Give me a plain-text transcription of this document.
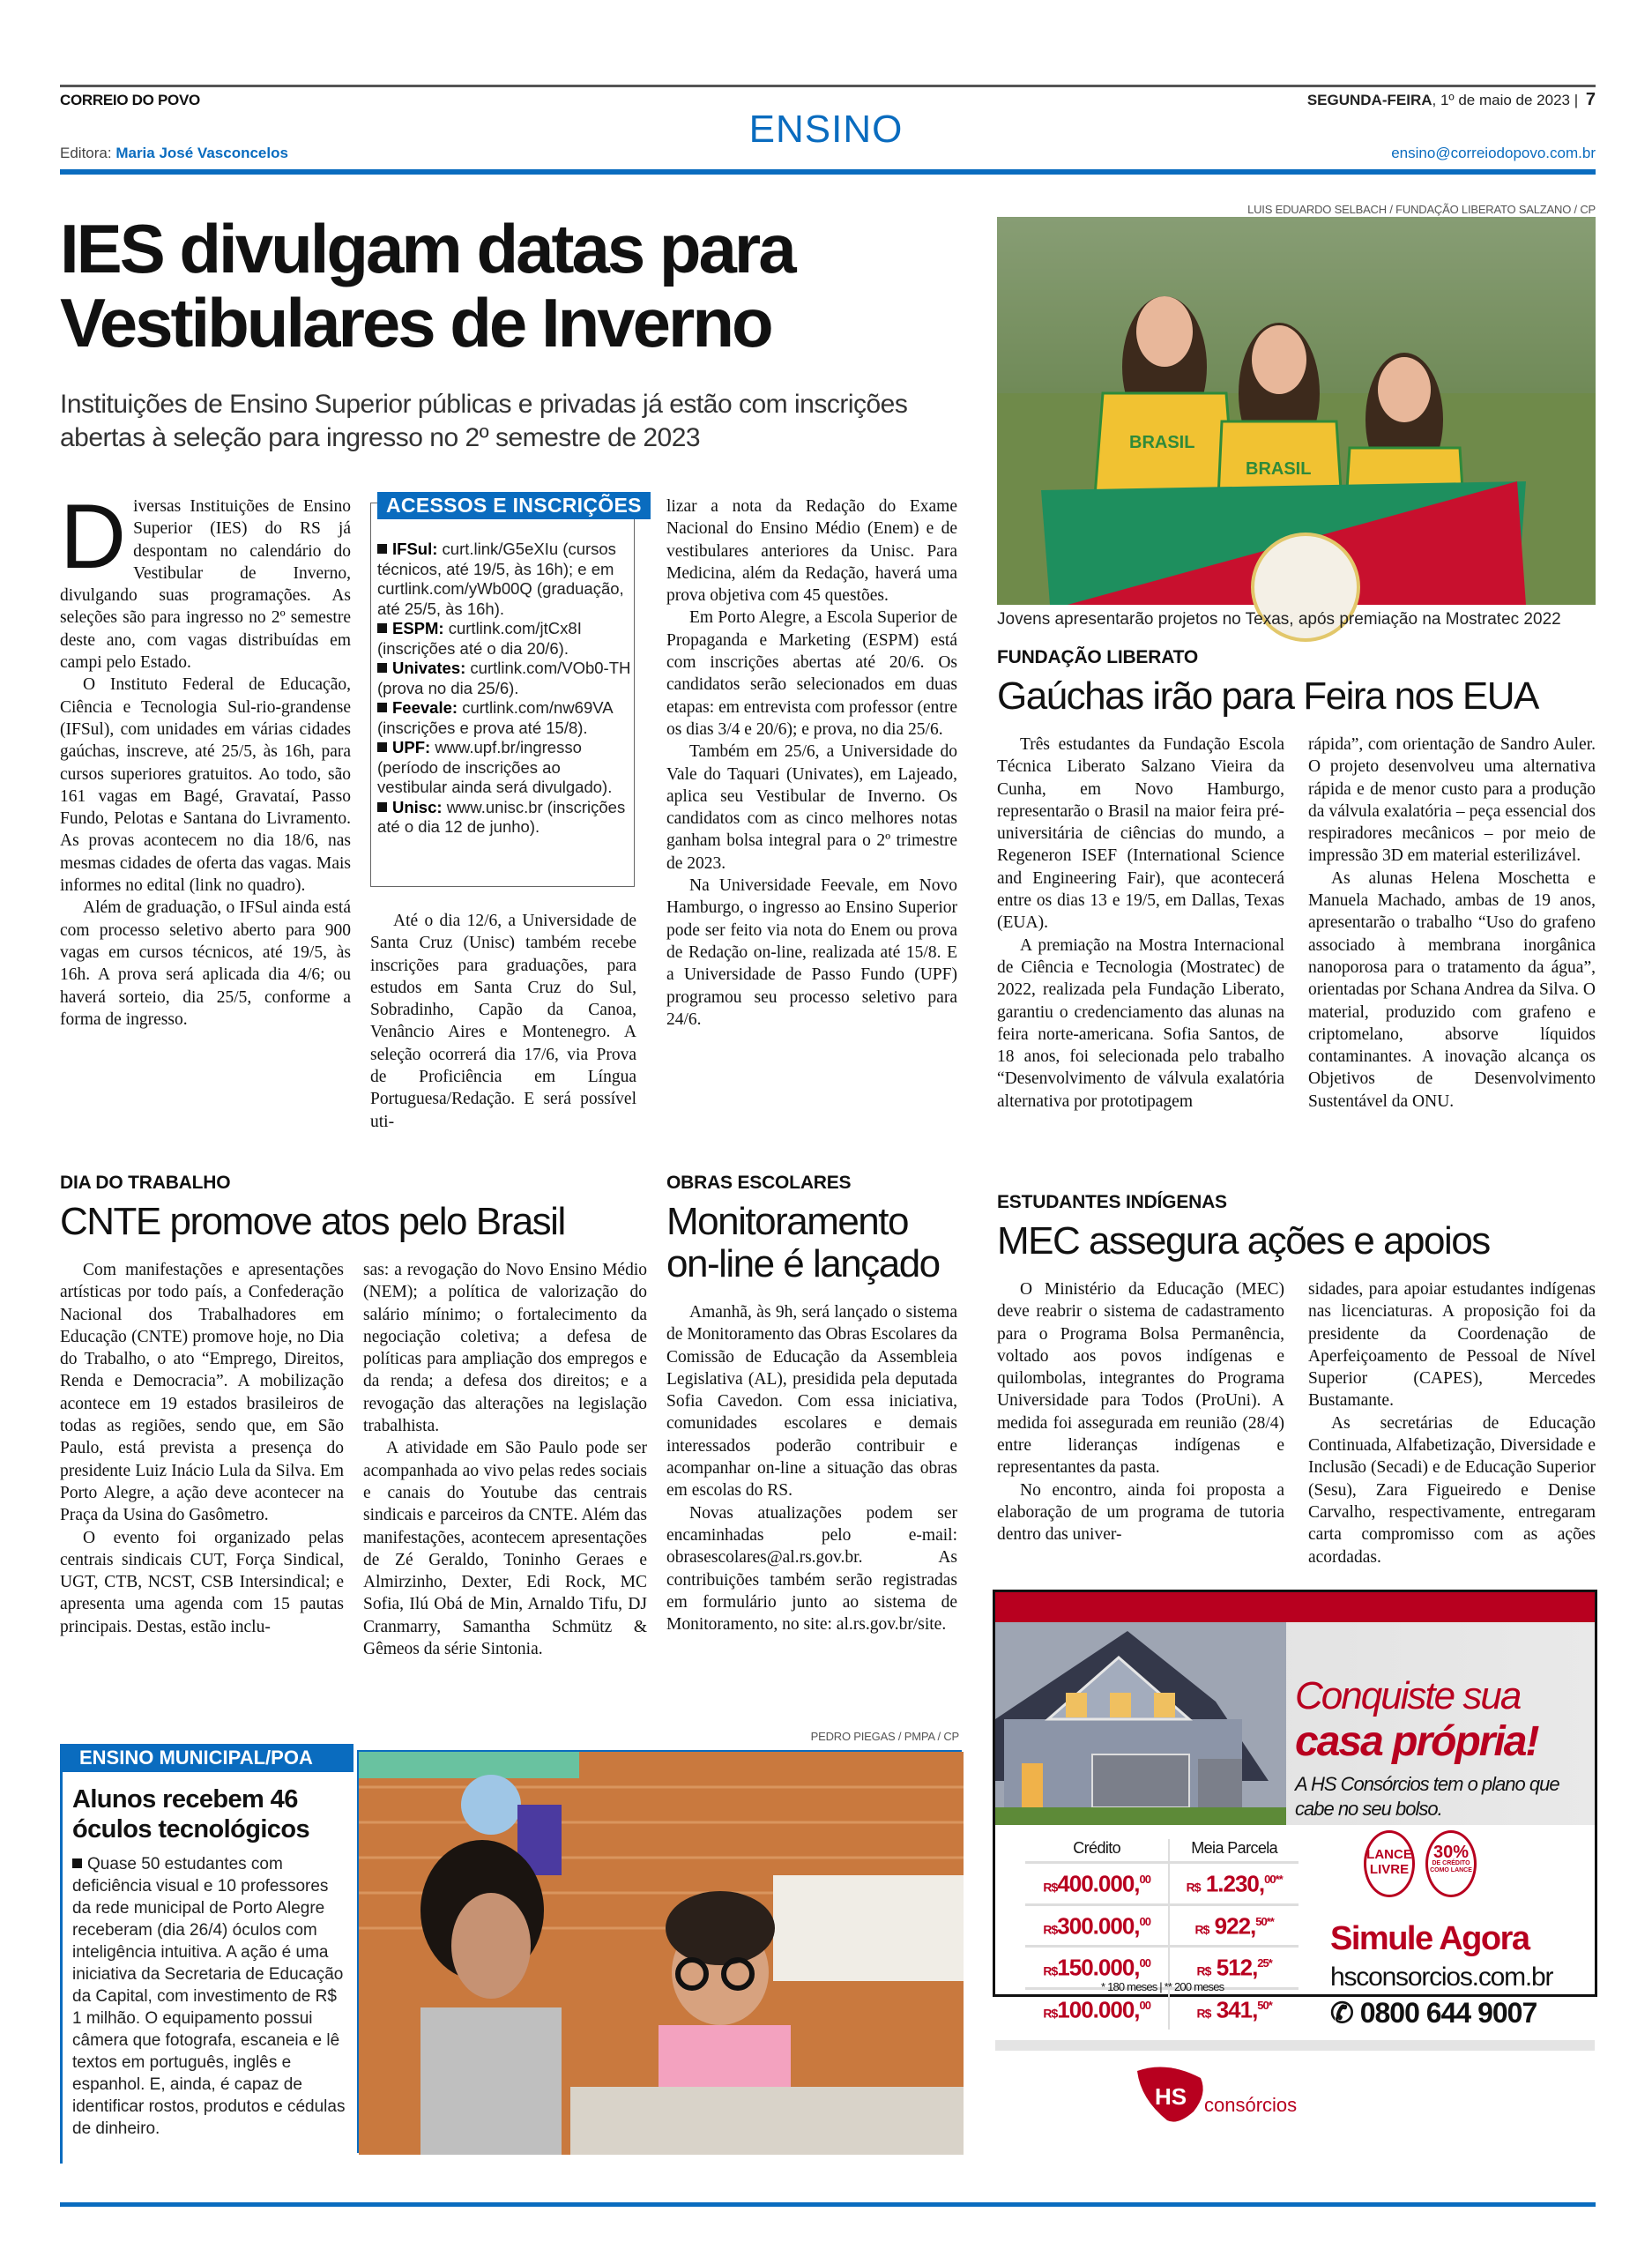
CORREIO DO POVO	SEGUNDA-FEIRA, 1º de maio de 2023 | 7
ENSINO
Editora: Maria José Vasconcelos	ensino@correiodopovo.com.br
IES divulgam datas para
Vestibulares de Inverno
Instituições de Ensino Superior públicas e privadas já estão com inscrições abertas à seleção para ingresso no 2º semestre de 2023

Diversas Instituições de Ensino Superior (IES) do RS já despontam no calendário do Vestibular de Inverno, divulgando suas programações. As seleções são para ingresso no 2º semestre deste ano, com vagas distribuídas em campi pelo Estado.

O Instituto Federal de Educação, Ciência e Tecnologia Sul-rio-grandense (IFSul), com unidades em várias cidades gaúchas, inscreve, até 25/5, às 16h, para cursos superiores gratuitos. Ao todo, são 161 vagas em Bagé, Gravataí, Passo Fundo, Pelotas e Santana do Livramento. As provas acontecem no dia 18/6, nas mesmas cidades de oferta das vagas. Mais informes no edital (link no quadro).

Além de graduação, o IFSul ainda está com processo seletivo aberto para 900 vagas em cursos técnicos, até 19/5, às 16h. A prova será aplicada dia 4/6; ou haverá sorteio, dia 25/5, conforme a forma de ingresso.

ACESSOS E INSCRIÇÕES
IFSul: curt.link/G5eXIu (cursos técnicos, até 19/5, às 16h); e em curtlink.com/yWb00Q (graduação, até 25/5, às 16h).
ESPM: curtlink.com/jtCx8I (inscrições até o dia 20/6).
Univates: curtlink.com/VOb0-TH (prova no dia 25/6).
Feevale: curtlink.com/nw69VA (inscrições e prova até 15/8).
UPF: www.upf.br/ingresso (período de inscrições ao vestibular ainda será divulgado).
Unisc: www.unisc.br (inscrições até o dia 12 de junho).

Até o dia 12/6, a Universidade de Santa Cruz (Unisc) também recebe inscrições para graduações, para estudos em Santa Cruz do Sul, Sobradinho, Capão da Canoa, Venâncio Aires e Montenegro. A seleção ocorrerá dia 17/6, via Prova de Proficiência em Língua Portuguesa/Redação. E será possível uti-

lizar a nota da Redação do Exame Nacional do Ensino Médio (Enem) e de vestibulares anteriores da Unisc. Para Medicina, além da Redação, haverá uma prova objetiva com 45 questões.

Em Porto Alegre, a Escola Superior de Propaganda e Marketing (ESPM) está com inscrições abertas até 20/6. Os candidatos serão selecionados em duas etapas: em entrevista com professor (entre os dias 3/4 e 20/6); e prova, no dia 25/6.

Também em 25/6, a Universidade do Vale do Taquari (Univates), em Lajeado, aplica seu Vestibular de Inverno. Os candidatos com as cinco melhores notas ganham bolsa integral para o 2º trimestre de 2023.

Na Universidade Feevale, em Novo Hamburgo, o ingresso ao Ensino Superior pode ser feito via nota do Enem ou prova de Redação on-line, realizada até 15/8. E a Universidade de Passo Fundo (UPF) programou seu processo seletivo para 24/6.

LUIS EDUARDO SELBACH / FUNDAÇÃO LIBERATO SALZANO / CP
BRASIL
BRASIL
Jovens apresentarão projetos no Texas, após premiação na Mostratec 2022
FUNDAÇÃO LIBERATO
Gaúchas irão para Feira nos EUA

Três estudantes da Fundação Escola Técnica Liberato Salzano Vieira da Cunha, em Novo Hamburgo, representarão o Brasil na maior feira pré-universitária de ciências do mundo, a Regeneron ISEF (International Science and Engineering Fair), que acontecerá entre os dias 13 e 19/5, em Dallas, Texas (EUA).

A premiação na Mostra Internacional de Ciência e Tecnologia (Mostratec) de 2022, realizada pela Fundação Liberato, garantiu o credenciamento das alunas na feira norte-americana. Sofia Santos, de 18 anos, foi selecionada pelo trabalho “Desenvolvimento de válvula exalatória alternativa por prototipagem

rápida”, com orientação de Sandro Auler. O projeto desenvolveu uma alternativa rápida e de menor custo para a produção da válvula exalatória – peça essencial dos respiradores mecânicos – por meio de impressão 3D em material esterilizável.

As alunas Helena Moschetta e Manuela Machado, ambas de 19 anos, apresentarão o trabalho “Uso do grafeno associado à membrana inorgânica nanoporosa para o tratamento da água”, orientadas por Schana Andrea da Silva. O material, produzido com grafeno e criptomelano, absorve líquidos contaminantes. A inovação alcança os Objetivos de Desenvolvimento Sustentável da ONU.

DIA DO TRABALHO
CNTE promove atos pelo Brasil

Com manifestações e apresentações artísticas por todo país, a Confederação Nacional dos Trabalhadores em Educação (CNTE) promove hoje, no Dia do Trabalho, o ato “Emprego, Direitos, Renda e Democracia”. A mobilização acontece em 19 estados brasileiros de todas as regiões, sendo que, em São Paulo, está prevista a presença do presidente Luiz Inácio Lula da Silva. Em Porto Alegre, a ação deve acontecer na Praça da Usina do Gasômetro.

O evento foi organizado pelas centrais sindicais CUT, Força Sindical, UGT, CTB, NCST, CSB Intersindical; e apresenta uma agenda com 15 pautas principais. Destas, estão inclu-

sas: a revogação do Novo Ensino Médio (NEM); a política de valorização do salário mínimo; o fortalecimento da negociação coletiva; a defesa de políticas para ampliação dos empregos e da renda; a defesa dos direitos; e a revogação das alterações na legislação trabalhista.

A atividade em São Paulo pode ser acompanhada ao vivo pelas redes sociais e canais do Youtube das centrais sindicais e parceiros da CNTE. Além das manifestações, acontecem apresentações de Zé Geraldo, Toninho Geraes e Almirzinho, Dexter, Edi Rock, MC Sofia, Ilú Obá de Min, Arnaldo Tifu, DJ Cranmarry, Samantha Schmütz & Gêmeos da série Sintonia.

OBRAS ESCOLARES
Monitoramento
on-line é lançado

Amanhã, às 9h, será lançado o sistema de Monitoramento das Obras Escolares da Comissão de Educação da Assembleia Legislativa (AL), presidida pela deputada Sofia Cavedon. Com essa iniciativa, comunidades escolares e demais interessados poderão contribuir e acompanhar on-line a situação das obras em escolas do RS.

Novas atualizações podem ser encaminhadas pelo e-mail: obrasescolares@al.rs.gov.br. As contribuições também serão registradas em formulário junto ao sistema de Monitoramento, no site: al.rs.gov.br/site.

ESTUDANTES INDÍGENAS
MEC assegura ações e apoios

O Ministério da Educação (MEC) deve reabrir o sistema de cadastramento para o Programa Bolsa Permanência, voltado aos povos indígenas e quilombolas, integrantes do Programa Universidade para Todos (ProUni). A medida foi assegurada em reunião (28/4) entre lideranças indígenas e representantes da pasta.

No encontro, ainda foi proposta a elaboração de um programa de tutoria dentro das univer-

sidades, para apoiar estudantes indígenas nas licenciaturas. A proposição foi da presidente da Coordenação de Aperfeiçoamento de Pessoal de Nível Superior (CAPES), Mercedes Bustamante.

As secretárias de Educação Continuada, Alfabetização, Diversidade e Inclusão (Secadi) e de Educação Superior (Sesu), Zara Figueiredo e Denise Carvalho, respectivamente, entregaram carta compromisso com as ações acordadas.

PEDRO PIEGAS / PMPA / CP
ENSINO MUNICIPAL/POA
Alunos recebem 46 óculos tecnológicos
Quase 50 estudantes com deficiência visual e 10 professores da rede municipal de Porto Alegre receberam (dia 26/4) óculos com inteligência intuitiva. A ação é uma iniciativa da Secretaria de Educação da Capital, com investimento de R$ 1 milhão. O equipamento possui câmera que fotografa, escaneia e lê textos em português, inglês e espanhol. E, ainda, é capaz de identificar rostos, produtos e cédulas de dinheiro.
Conquiste sua
casa própria!
A HS Consórcios tem o plano que cabe no seu bolso.
Crédito	Meia Parcela
R$400.000,00	R$ 1.230,$^{00**}$
R$300.000,00	R$ 922,$^{50**}$
R$150.000,00	R$ 512,$^{25*}$
R$100.000,00	R$ 341,$^{50*}$
* 180 meses | ** 200 meses
LANCE
LIVRE
30%
DE CRÉDITO COMO LANCE
Simule Agora
hsconsorcios.com.br
✆ 0800 644 9007
HS consórcios
